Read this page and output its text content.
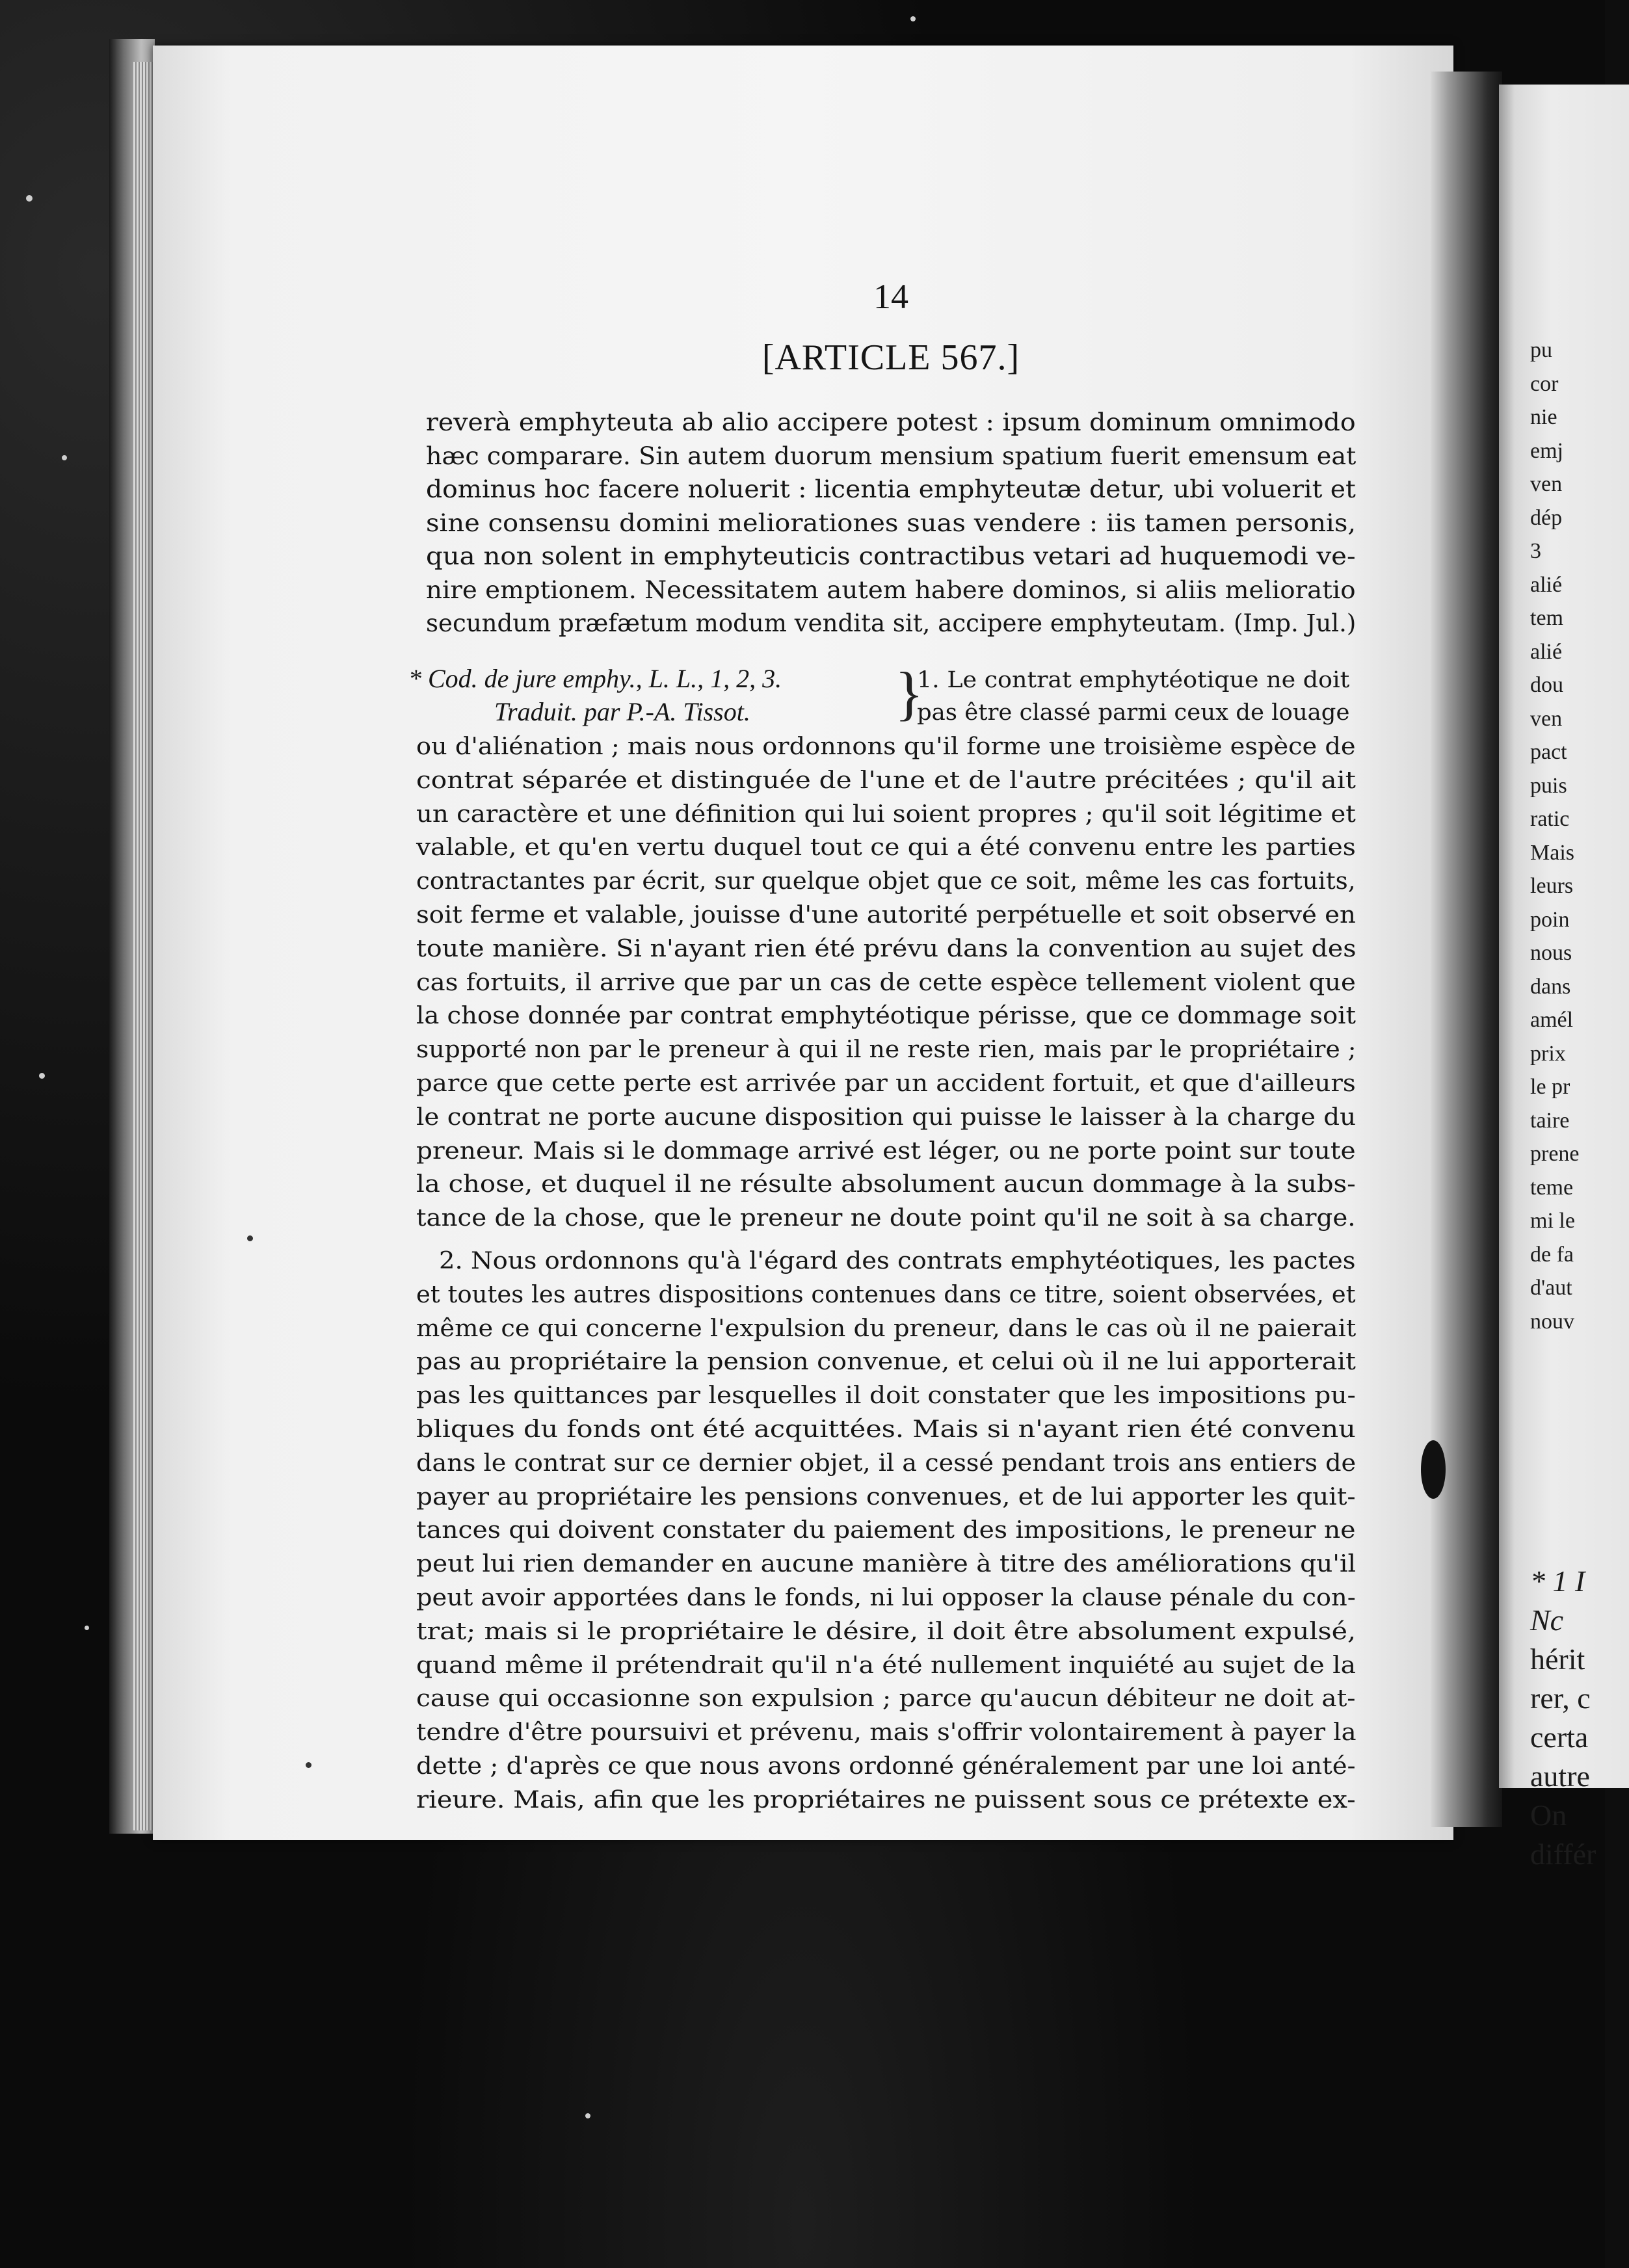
pu
cor
nie
emj
ven
dép
3
alié
tem
alié
dou
ven
pact
puis
ratic
Mais
leurs
poin
nous
dans
amél
prix
le pr
taire
prene
teme
mi le
de fa
d'aut
nouv
* 1 I
Nc
hérit
rer, c
certa
autre
On
différ
14
[ARTICLE 567.]
reverà emphyteuta ab alio accipere potest : ipsum dominum omnimodo
hæc comparare. Sin autem duorum mensium spatium fuerit emensum eat
dominus hoc facere noluerit : licentia emphyteutæ detur, ubi voluerit et
sine consensu domini meliorationes suas vendere : iis tamen personis,
qua non solent in emphyteuticis contractibus vetari ad huquemodi ve-
nire emptionem. Necessitatem autem habere dominos, si aliis melioratio
secundum præfætum modum vendita sit, accipere emphyteutam. (Imp. Jul.)
* Cod. de jure emphy., L. L., 1, 2, 3.
Traduit. par P.-A. Tissot. }
1. Le contrat emphytéotique ne doit
pas être classé parmi ceux de louage
ou d'aliénation ; mais nous ordonnons qu'il forme une troisième espèce de
contrat séparée et distinguée de l'une et de l'autre précitées ; qu'il ait
un caractère et une définition qui lui soient propres ; qu'il soit légitime et
valable, et qu'en vertu duquel tout ce qui a été convenu entre les parties
contractantes par écrit, sur quelque objet que ce soit, même les cas fortuits,
soit ferme et valable, jouisse d'une autorité perpétuelle et soit observé en
toute manière. Si n'ayant rien été prévu dans la convention au sujet des
cas fortuits, il arrive que par un cas de cette espèce tellement violent que
la chose donnée par contrat emphytéotique périsse, que ce dommage soit
supporté non par le preneur à qui il ne reste rien, mais par le propriétaire ;
parce que cette perte est arrivée par un accident fortuit, et que d'ailleurs
le contrat ne porte aucune disposition qui puisse le laisser à la charge du
preneur. Mais si le dommage arrivé est léger, ou ne porte point sur toute
la chose, et duquel il ne résulte absolument aucun dommage à la subs-
tance de la chose, que le preneur ne doute point qu'il ne soit à sa charge.
2. Nous ordonnons qu'à l'égard des contrats emphytéotiques, les pactes
et toutes les autres dispositions contenues dans ce titre, soient observées, et
même ce qui concerne l'expulsion du preneur, dans le cas où il ne paierait
pas au propriétaire la pension convenue, et celui où il ne lui apporterait
pas les quittances par lesquelles il doit constater que les impositions pu-
bliques du fonds ont été acquittées. Mais si n'ayant rien été convenu
dans le contrat sur ce dernier objet, il a cessé pendant trois ans entiers de
payer au propriétaire les pensions convenues, et de lui apporter les quit-
tances qui doivent constater du paiement des impositions, le preneur ne
peut lui rien demander en aucune manière à titre des améliorations qu'il
peut avoir apportées dans le fonds, ni lui opposer la clause pénale du con-
trat; mais si le propriétaire le désire, il doit être absolument expulsé,
quand même il prétendrait qu'il n'a été nullement inquiété au sujet de la
cause qui occasionne son expulsion ; parce qu'aucun débiteur ne doit at-
tendre d'être poursuivi et prévenu, mais s'offrir volontairement à payer la
dette ; d'après ce que nous avons ordonné généralement par une loi anté-
rieure. Mais, afin que les propriétaires ne puissent sous ce prétexte ex-
